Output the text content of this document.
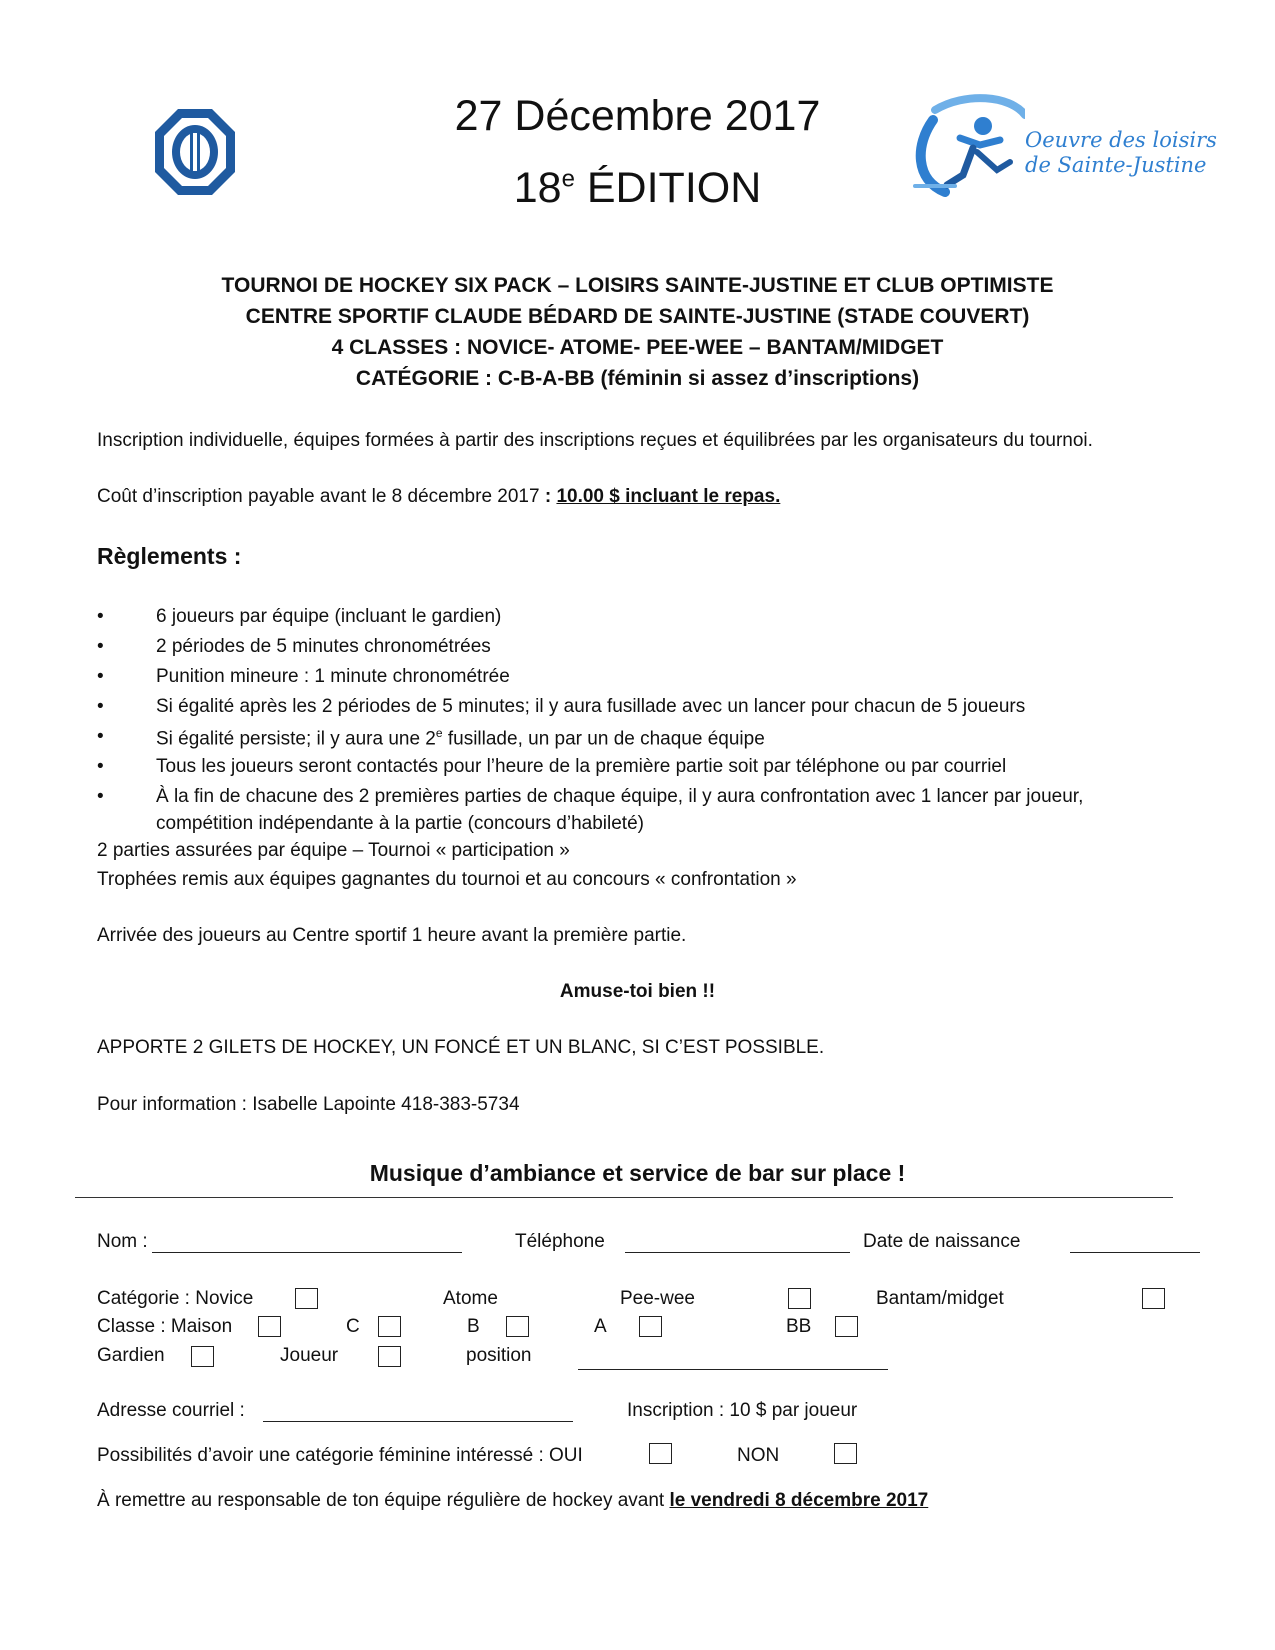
27 Décembre 2017
18e ÉDITION
Oeuvre des loisirs
de Sainte-Justine
TOURNOI DE HOCKEY SIX PACK – LOISIRS SAINTE-JUSTINE ET CLUB OPTIMISTE
CENTRE SPORTIF CLAUDE BÉDARD DE SAINTE-JUSTINE (STADE COUVERT)
4 CLASSES : NOVICE- ATOME- PEE-WEE – BANTAM/MIDGET
CATÉGORIE : C-B-A-BB (féminin si assez d’inscriptions)
Inscription individuelle, équipes formées à partir des inscriptions reçues et équilibrées par les organisateurs du tournoi.
Coût d’inscription payable avant le 8 décembre 2017 : 10.00 $ incluant le repas.
Règlements :
•	6 joueurs par équipe (incluant le gardien)
•	2 périodes de 5 minutes chronométrées
•	Punition mineure : 1 minute chronométrée
•	Si égalité après les 2 périodes de 5 minutes; il y aura fusillade avec un lancer pour chacun de 5 joueurs
•	Si égalité persiste; il y aura une 2e fusillade, un par un de chaque équipe
•	Tous les joueurs seront contactés pour l’heure de la première partie soit par téléphone ou par courriel
•	À la fin de chacune des 2 premières parties de chaque équipe, il y aura confrontation avec 1 lancer par joueur,
compétition indépendante à la partie (concours d’habileté)
2 parties assurées par équipe – Tournoi « participation »
Trophées remis aux équipes gagnantes du tournoi et au concours « confrontation »
Arrivée des joueurs au Centre sportif 1 heure avant la première partie.
Amuse-toi bien !!
APPORTE 2 GILETS DE HOCKEY, UN FONCÉ ET UN BLANC, SI C’EST POSSIBLE.
Pour information : Isabelle Lapointe 418-383-5734
Musique d’ambiance et service de bar sur place !
Nom :	Téléphone	Date de naissance
Catégorie : Novice	Atome	Pee-wee	Bantam/midget
Classe : Maison	C	B	A	BB
Gardien	Joueur	position
Adresse courriel :	Inscription : 10 $ par joueur
Possibilités d’avoir une catégorie féminine intéressé : OUI	NON
À remettre au responsable de ton équipe régulière de hockey avant le vendredi 8 décembre 2017
